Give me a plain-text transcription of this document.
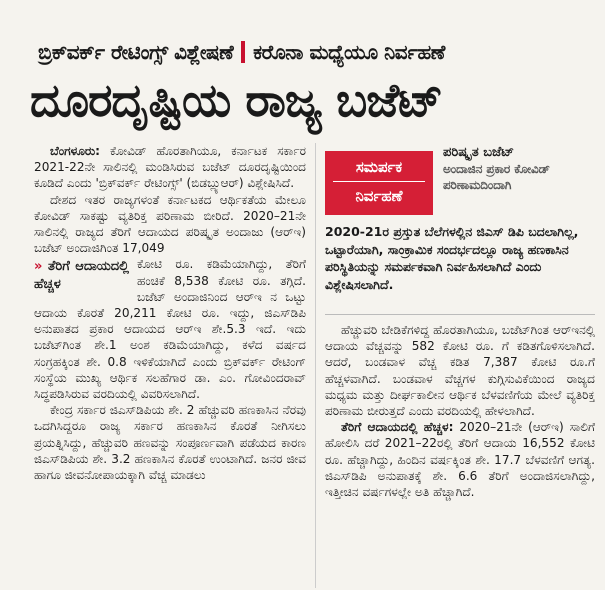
ಬ್ರಿಕ್‌ವರ್ಕ್ ರೇಟಿಂಗ್ಸ್ ವಿಶ್ಲೇಷಣೆ ಕರೊನಾ ಮಧ್ಯೆಯೂ ನಿರ್ವಹಣೆ
ದೂರದೃಷ್ಟಿಯ ರಾಜ್ಯ ಬಜೆಟ್

ಬೆಂಗಳೂರು: ಕೋವಿಡ್ ಹೊರತಾಗಿಯೂ, ಕರ್ನಾಟಕ ಸರ್ಕಾರ 2021-22ನೇ ಸಾಲಿನಲ್ಲಿ ಮಂಡಿಸಿರುವ ಬಜೆಟ್ ದೂರದೃಷ್ಟಿಯಿಂದ ಕೂಡಿದೆ ಎಂದು 'ಬ್ರಿಕ್‌ವರ್ಕ್ ರೇಟಿಂಗ್ಸ್' (ಬಿಡಬ್ಲ್ಯುಆರ್) ವಿಶ್ಲೇಷಿಸಿದೆ.

ದೇಶದ ಇತರ ರಾಜ್ಯಗಳಂತೆ ಕರ್ನಾಟಕದ ಆರ್ಥಿಕತೆಯ ಮೇಲೂ ಕೋವಿಡ್ ಸಾಕಷ್ಟು ವ್ಯತಿರಿಕ್ತ ಪರಿಣಾಮ ಬೀರಿದೆ. 2020–21ನೇ ಸಾಲಿನಲ್ಲಿ ರಾಜ್ಯದ ತೆರಿಗೆ ಆದಾಯದ ಪರಿಷ್ಕೃತ ಅಂದಾಜು (ಆರ್‌ಇ) ಬಜೆಟ್ ಅಂದಾಜಿಗಿಂತ 17,049

» ತೆರಿಗೆ ಆದಾಯದಲ್ಲಿ ಹೆಚ್ಚಳ

ಕೋಟಿ ರೂ. ಕಡಿಮೆಯಾಗಿದ್ದು, ತೆರಿಗೆ ಹಂಚಿಕೆ 8,538 ಕೋಟಿ ರೂ. ತಗ್ಗಿದೆ. ಬಜೆಟ್ ಅಂದಾಜಿನಿಂದ ಆರ್‌ಇ ನ ಒಟ್ಟು ಆದಾಯ ಕೊರತೆ 20,211 ಕೋಟಿ ರೂ. ಇದ್ದು, ಜಿಎಸ್‌ಡಿಪಿ ಅನುಪಾತದ ಪ್ರಕಾರ ಆದಾಯದ ಆರ್‌ಇ ಶೇ.5.3 ಇದೆ. ಇದು ಬಜೆಟ್‌ಗಿಂತ ಶೇ.1 ಅಂಶ ಕಡಿಮೆಯಾಗಿದ್ದು, ಕಳೆದ ವರ್ಷದ ಸಂಗ್ರಹಕ್ಕಿಂತ ಶೇ. 0.8 ಇಳಿಕೆಯಾಗಿದೆ ಎಂದು ಬ್ರಿಕ್‌ವರ್ಕ್ ರೇಟಿಂಗ್ ಸಂಸ್ಥೆಯ ಮುಖ್ಯ ಆರ್ಥಿಕ ಸಲಹೆಗಾರ ಡಾ. ಎಂ. ಗೋವಿಂದರಾವ್ ಸಿದ್ಧಪಡಿಸಿರುವ ವರದಿಯಲ್ಲಿ ವಿವರಿಸಲಾಗಿದೆ.

ಕೇಂದ್ರ ಸರ್ಕಾರ ಜಿಎಸ್‌ಡಿಪಿಯ ಶೇ. 2 ಹೆಚ್ಚುವರಿ ಹಣಕಾಸಿನ ನೆರವು ಒದಗಿಸಿದ್ದರೂ ರಾಜ್ಯ ಸರ್ಕಾರ ಹಣಕಾಸಿನ ಕೊರತೆ ನೀಗಿಸಲು ಪ್ರಯತ್ನಿಸಿದ್ದು, ಹೆಚ್ಚುವರಿ ಹಣವನ್ನು ಸಂಪೂರ್ಣವಾಗಿ ಪಡೆಯದ ಕಾರಣ ಜಿಎಸ್‌ಡಿಪಿಯ ಶೇ. 3.2 ಹಣಕಾಸಿನ ಕೊರತೆ ಉಂಟಾಗಿದೆ. ಜನರ ಜೀವ ಹಾಗೂ ಜೀವನೋಪಾಯಕ್ಕಾಗಿ ವೆಚ್ಚ ಮಾಡಲು

ಸಮರ್ಪಕ
ನಿರ್ವಹಣೆ
ಪರಿಷ್ಕೃತ ಬಜೆಟ್
ಅಂದಾಜಿನ ಪ್ರಕಾರ ಕೋವಿಡ್ ಪರಿಣಾಮದಿಂದಾಗಿ
2020-21ರ ಪ್ರಸ್ತುತ ಬೆಲೆಗಳಲ್ಲಿನ ಜಿಎಸ್ ಡಿಪಿ ಬದಲಾಗಿಲ್ಲ, ಒಟ್ಟಾರೆಯಾಗಿ, ಸಾಂಕ್ರಾಮಿಕ ಸಂದರ್ಭದಲ್ಲೂ ರಾಜ್ಯ ಹಣಕಾಸಿನ ಪರಿಸ್ಥಿತಿಯನ್ನು ಸಮರ್ಪಕವಾಗಿ ನಿರ್ವಹಿಸಲಾಗಿದೆ ಎಂದು ವಿಶ್ಲೇಷಿಸಲಾಗಿದೆ.

ಹೆಚ್ಚುವರಿ ಬೇಡಿಕೆಗಳಿದ್ದ ಹೊರತಾಗಿಯೂ, ಬಜೆಟ್‌ಗಿಂತ ಆರ್‌ಇನಲ್ಲಿ ಆದಾಯ ವೆಚ್ಚವನ್ನು 582 ಕೋಟಿ ರೂ. ಗೆ ಕಡಿತಗೊಳಿಸಲಾಗಿದೆ. ಆದರೆ, ಬಂಡವಾಳ ವೆಚ್ಚ ಕಡಿತ 7,387 ಕೋಟಿ ರೂ.ಗೆ ಹೆಚ್ಚಳವಾಗಿದೆ. ಬಂಡವಾಳ ವೆಚ್ಚಗಳ ಕುಗ್ಗಿಸುವಿಕೆಯಿಂದ ರಾಜ್ಯದ ಮಧ್ಯಮ ಮತ್ತು ದೀರ್ಘಕಾಲೀನ ಆರ್ಥಿಕ ಬೆಳವಣಿಗೆಯ ಮೇಲೆ ವ್ಯತಿರಿಕ್ತ ಪರಿಣಾಮ ಬೀರುತ್ತದೆ ಎಂದು ವರದಿಯಲ್ಲಿ ಹೇಳಲಾಗಿದೆ.

ತೆರಿಗೆ ಆದಾಯದಲ್ಲಿ ಹೆಚ್ಚಳ: 2020–21ನೇ (ಆರ್‌ಇ) ಸಾಲಿಗೆ ಹೋಲಿಸಿ ದರೆ 2021–22ರಲ್ಲಿ ತೆರಿಗೆ ಆದಾಯ 16,552 ಕೋಟಿ ರೂ. ಹೆಚ್ಚಾಗಿದ್ದು, ಹಿಂದಿನ ವರ್ಷಕ್ಕಿಂತ ಶೇ. 17.7 ಬೆಳವಣಿಗೆ ಆಗತ್ಯ. ಜಿಎಸ್‌ಡಿಪಿ ಅನುಪಾತಕ್ಕೆ ಶೇ. 6.6 ತೆರಿಗೆ ಅಂದಾಜಿಸಲಾಗಿದ್ದು, ಇತ್ತೀಚಿನ ವರ್ಷಗಳಲ್ಲೇ ಅತಿ ಹೆಚ್ಚಾಗಿದೆ.
